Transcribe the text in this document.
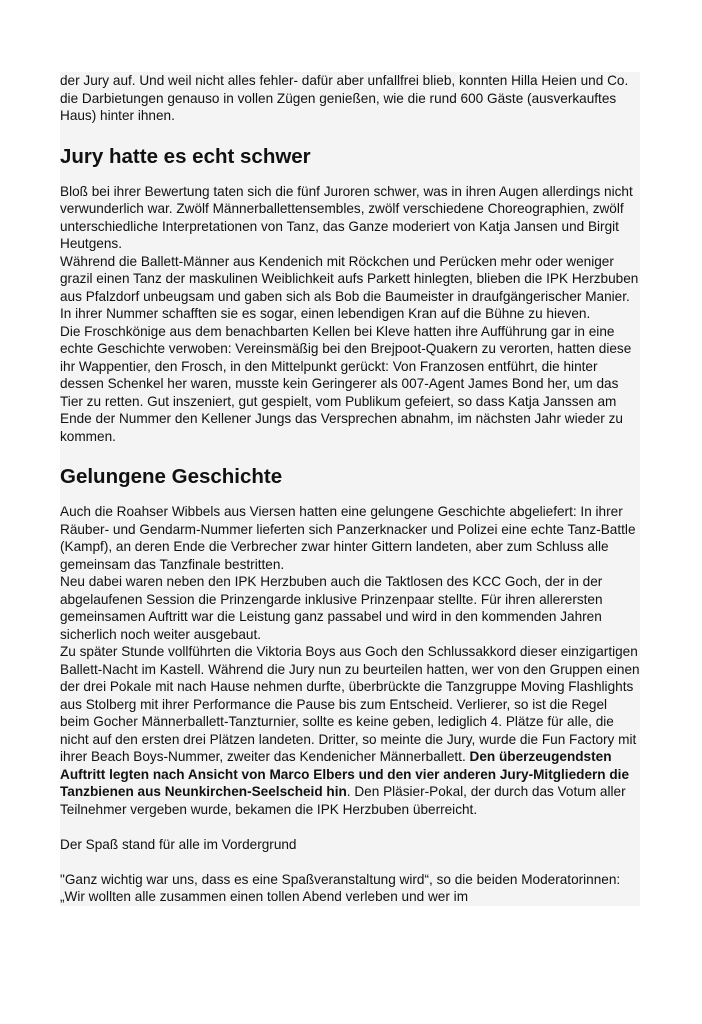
der Jury auf. Und weil nicht alles fehler- dafür aber unfallfrei blieb, konnten Hilla Heien und Co. die Darbietungen genauso in vollen Zügen genießen, wie die rund 600 Gäste (ausverkauftes Haus) hinter ihnen.

Jury hatte es echt schwer

Bloß bei ihrer Bewertung taten sich die fünf Juroren schwer, was in ihren Augen allerdings nicht verwunderlich war. Zwölf Männerballettensembles, zwölf verschiedene Choreographien, zwölf unterschiedliche Interpretationen von Tanz, das Ganze moderiert von Katja Jansen und Birgit Heutgens.

Während die Ballett-Männer aus Kendenich mit Röckchen und Perücken mehr oder weniger grazil einen Tanz der maskulinen Weiblichkeit aufs Parkett hinlegten, blieben die IPK Herzbuben aus Pfalzdorf unbeugsam und gaben sich als Bob die Baumeister in draufgängerischer Manier. In ihrer Nummer schafften sie es sogar, einen lebendigen Kran auf die Bühne zu hieven.

Die Froschkönige aus dem benachbarten Kellen bei Kleve hatten ihre Aufführung gar in eine echte Geschichte verwoben: Vereinsmäßig bei den Brejpoot-Quakern zu verorten, hatten diese ihr Wappentier, den Frosch, in den Mittelpunkt gerückt: Von Franzosen entführt, die hinter dessen Schenkel her waren, musste kein Geringerer als 007-Agent James Bond her, um das Tier zu retten. Gut inszeniert, gut gespielt, vom Publikum gefeiert, so dass Katja Janssen am Ende der Nummer den Kellener Jungs das Versprechen abnahm, im nächsten Jahr wieder zu kommen.

Gelungene Geschichte

Auch die Roahser Wibbels aus Viersen hatten eine gelungene Geschichte abgeliefert: In ihrer Räuber- und Gendarm-Nummer lieferten sich Panzerknacker und Polizei eine echte Tanz-Battle (Kampf), an deren Ende die Verbrecher zwar hinter Gittern landeten, aber zum Schluss alle gemeinsam das Tanzfinale bestritten.

Neu dabei waren neben den IPK Herzbuben auch die Taktlosen des KCC Goch, der in der abgelaufenen Session die Prinzengarde inklusive Prinzenpaar stellte. Für ihren allerersten gemeinsamen Auftritt war die Leistung ganz passabel und wird in den kommenden Jahren sicherlich noch weiter ausgebaut.

Zu später Stunde vollführten die Viktoria Boys aus Goch den Schlussakkord dieser einzigartigen Ballett-Nacht im Kastell. Während die Jury nun zu beurteilen hatten, wer von den Gruppen einen der drei Pokale mit nach Hause nehmen durfte, überbrückte die Tanzgruppe Moving Flashlights aus Stolberg mit ihrer Performance die Pause bis zum Entscheid. Verlierer, so ist die Regel beim Gocher Männerballett-Tanzturnier, sollte es keine geben, lediglich 4. Plätze für alle, die nicht auf den ersten drei Plätzen landeten. Dritter, so meinte die Jury, wurde die Fun Factory mit ihrer Beach Boys-Nummer, zweiter das Kendenicher Männerballett. Den überzeugendsten Auftritt legten nach Ansicht von Marco Elbers und den vier anderen Jury-Mitgliedern die Tanzbienen aus Neunkirchen-Seelscheid hin. Den Pläsier-Pokal, der durch das Votum aller Teilnehmer vergeben wurde, bekamen die IPK Herzbuben überreicht.

Der Spaß stand für alle im Vordergrund

"Ganz wichtig war uns, dass es eine Spaßveranstaltung wird“, so die beiden Moderatorinnen: „Wir wollten alle zusammen einen tollen Abend verleben und wer im
